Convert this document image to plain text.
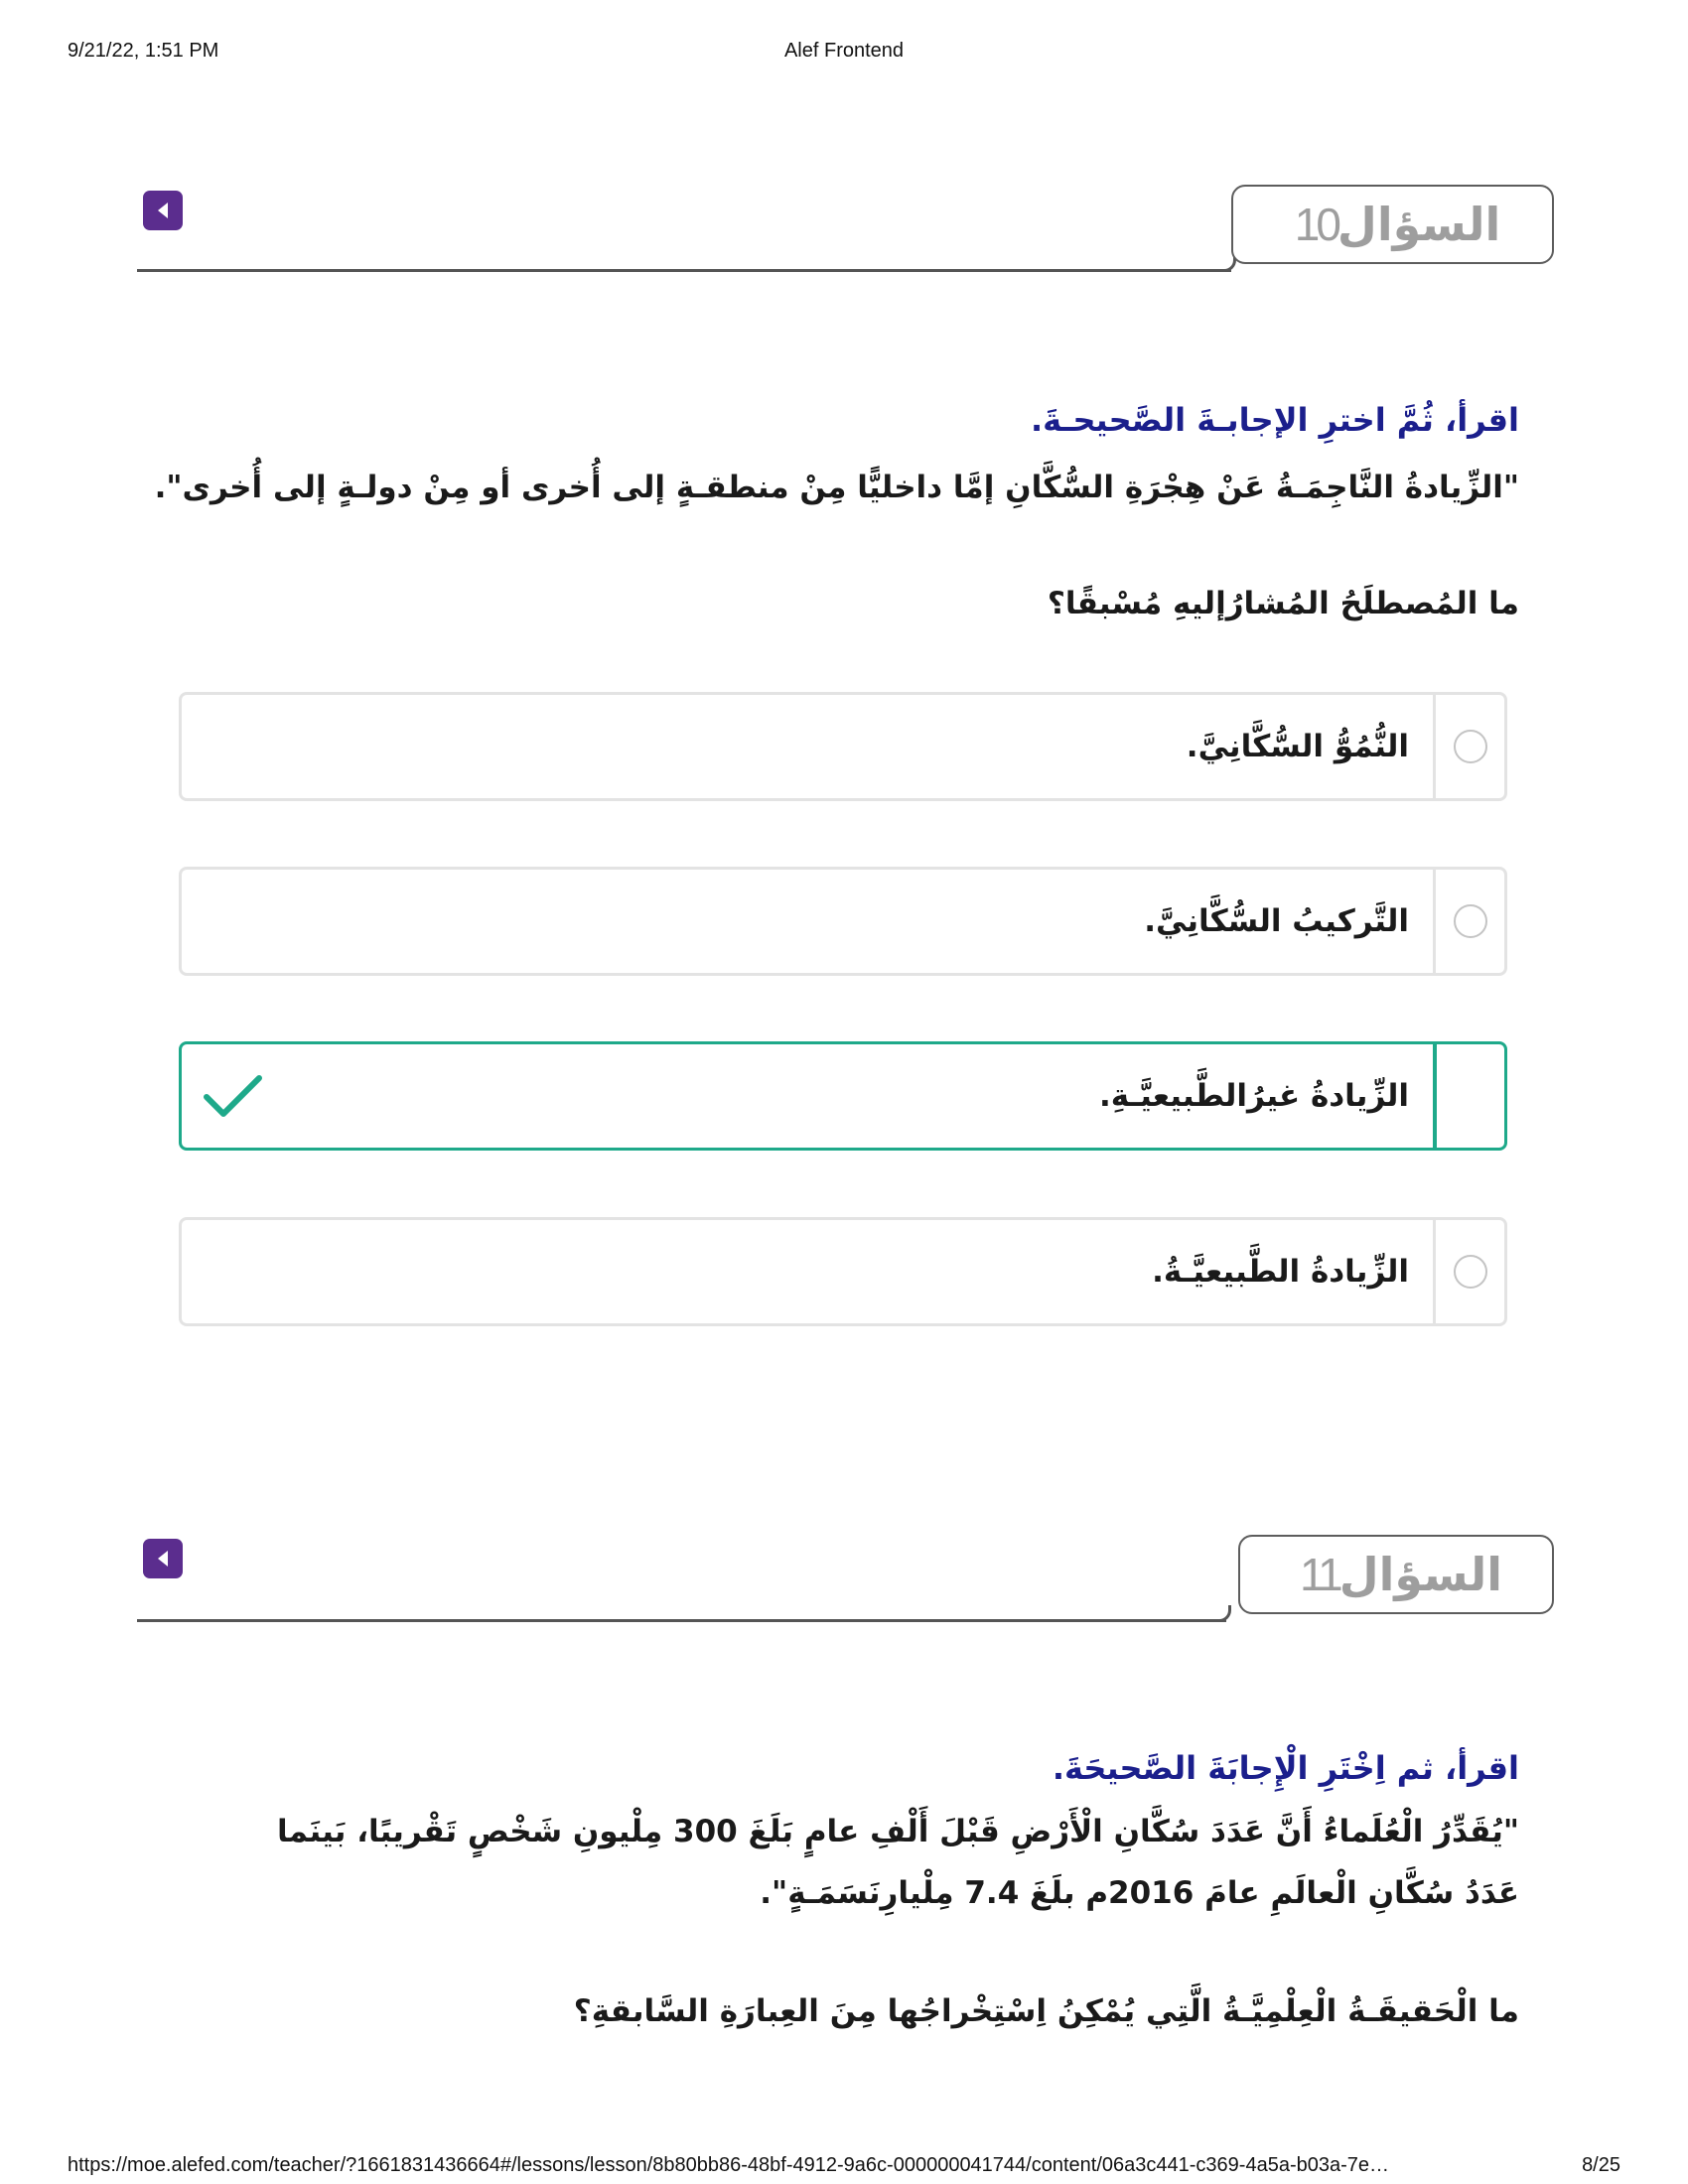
9/21/22, 1:51 PM	Alef Frontend
السؤال
10
اقرأ، ثُمَّ اخترِ الإجابـةَ الصَّحيحـةَ.
"الزِّيادةُ النَّاجِمَـةُ عَنْ هِجْرَةِ السُّكَّانِ إمَّا داخليًّا مِنْ منطقـةٍ إلى أُخرى أو مِنْ دولـةٍ إلى أُخرى".
ما المُصطلَحُ المُشارُإليهِ مُسْبقًا؟
النُّمُوُّ السُّكَّانِيَّ.
التَّركيبُ السُّكَّانِيَّ.
الزِّيادةُ غيرُالطَّبيعيَّـةِ.
الزِّيادةُ الطَّبيعيَّـةُ.
السؤال
11
اقرأ، ثم اِخْتَرِ الْإِجابَةَ الصَّحيحَةَ.
"يُقَدِّرُ الْعُلَماءُ أَنَّ عَدَدَ سُكَّانِ الْأَرْضِ قَبْلَ أَلْفِ عامٍ بَلَغَ 300 مِلْيونِ شَخْصٍ تَقْريبًا، بَينَما
عَدَدُ سُكَّانِ الْعالَمِ عامَ 2016م بلَغَ 7.4 مِلْيارِنَسَمَـةٍ".
ما الْحَقيقَـةُ الْعِلْمِيَّـةُ الَّتِي يُمْكِنُ اِسْتِخْراجُها مِنَ العِبارَةِ السَّابقةِ؟
https://moe.alefed.com/teacher/?1661831436664#/lessons/lesson/8b80bb86-48bf-4912-9a6c-000000041744/content/06a3c441-c369-4a5a-b03a-7e…	8/25
